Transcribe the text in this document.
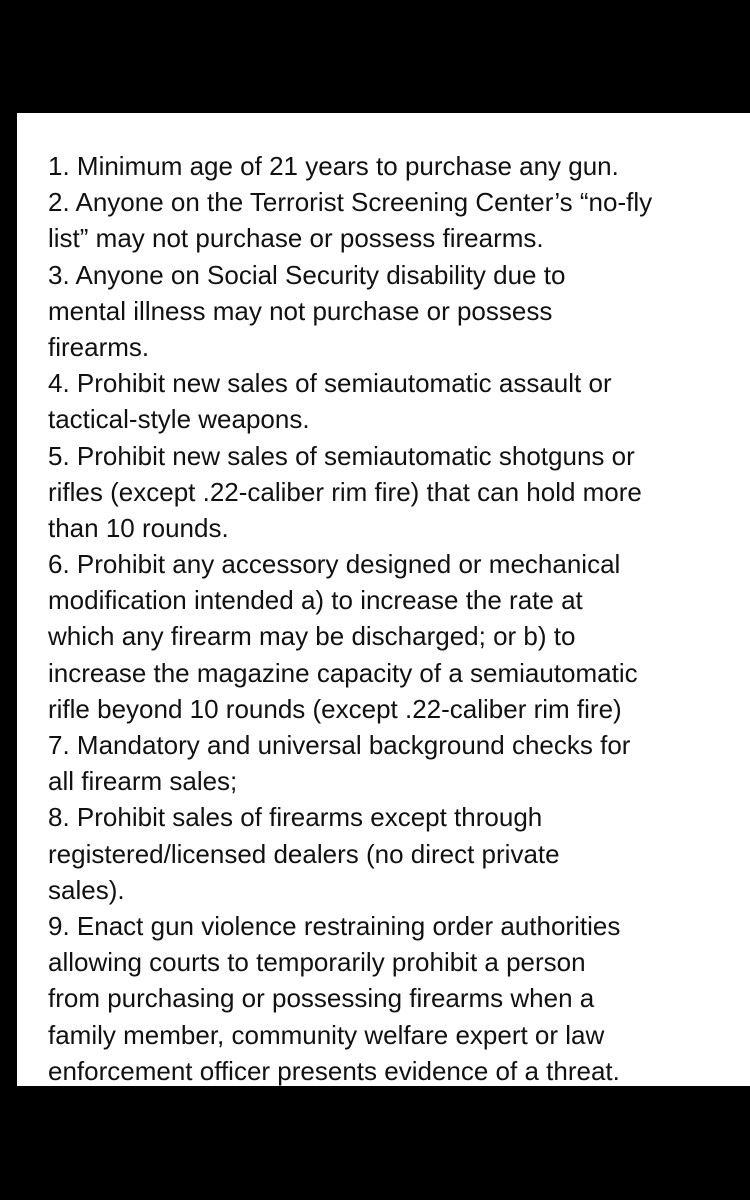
1. Minimum age of 21 years to purchase any gun.
2. Anyone on the Terrorist Screening Center’s “no-fly
list” may not purchase or possess firearms.
3. Anyone on Social Security disability due to
mental illness may not purchase or possess
firearms.
4. Prohibit new sales of semiautomatic assault or
tactical-style weapons.
5. Prohibit new sales of semiautomatic shotguns or
rifles (except .22-caliber rim fire) that can hold more
than 10 rounds.
6. Prohibit any accessory designed or mechanical
modification intended a) to increase the rate at
which any firearm may be discharged; or b) to
increase the magazine capacity of a semiautomatic
rifle beyond 10 rounds (except .22-caliber rim fire)
7. Mandatory and universal background checks for
all firearm sales;
8. Prohibit sales of firearms except through
registered/licensed dealers (no direct private
sales).
9. Enact gun violence restraining order authorities
allowing courts to temporarily prohibit a person
from purchasing or possessing firearms when a
family member, community welfare expert or law
enforcement officer presents evidence of a threat.
